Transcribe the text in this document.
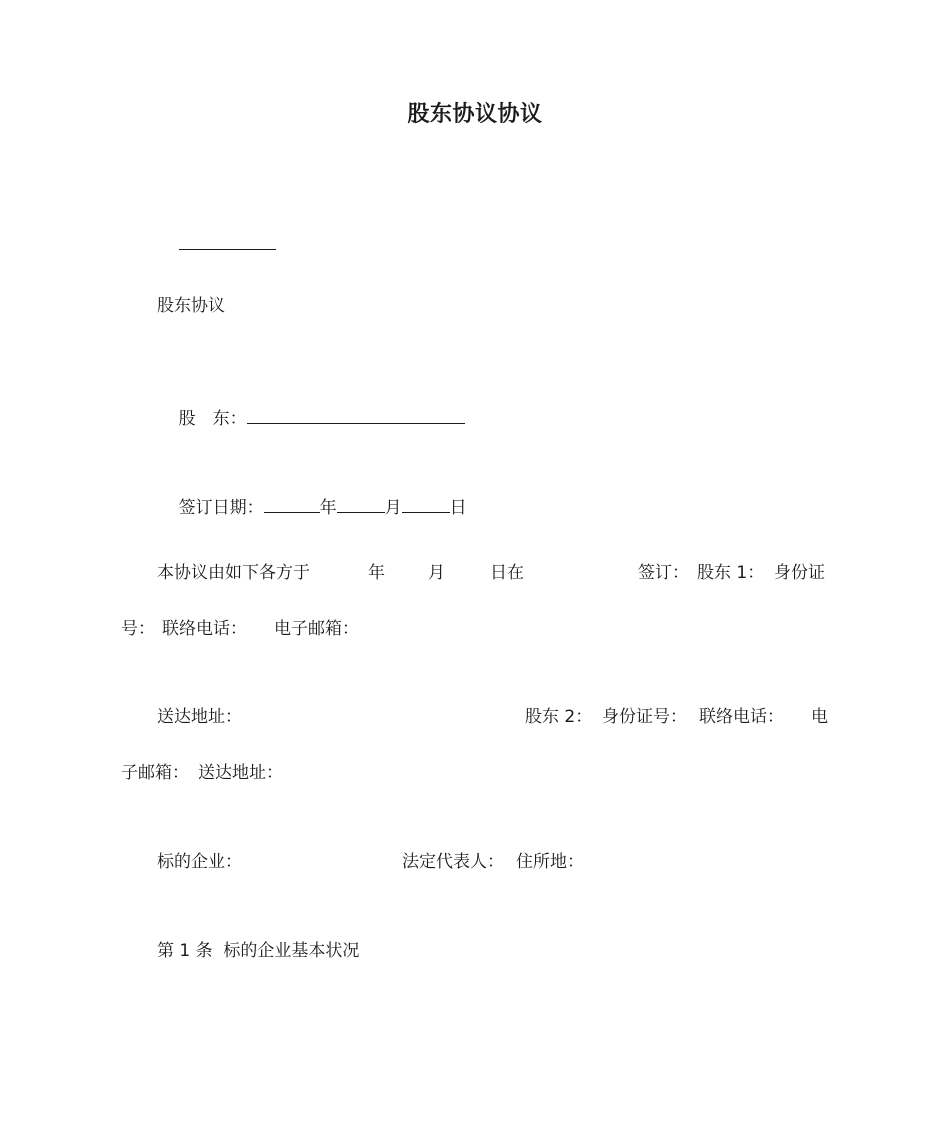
股东协议协议

股东协议

股　东：

签订日期：	年	月	日

本协议由如下各方于	年	月	日在	签订： 股东 1： 身份证
号： 联络电话： 电子邮箱：
送达地址：	股东 2： 身份证号： 联络电话： 电
子邮箱： 送达地址：
标的企业：	法定代表人： 住所地：
第 1 条  标的企业基本状况
